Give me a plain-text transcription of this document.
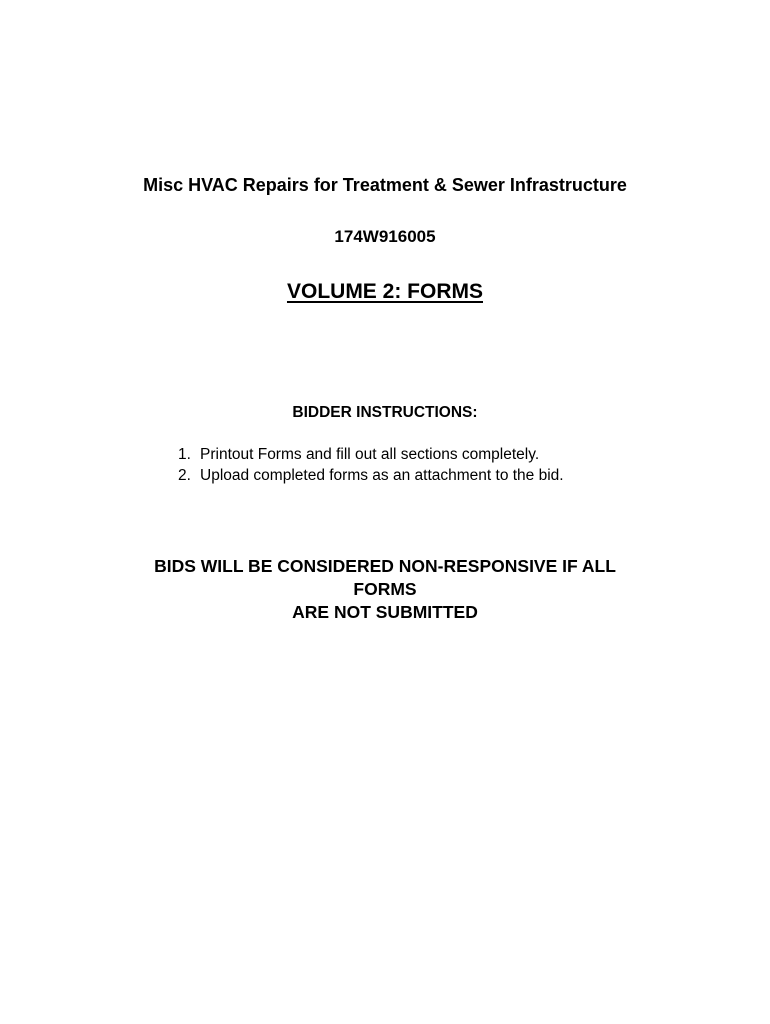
Misc HVAC Repairs for Treatment & Sewer Infrastructure
174W916005
VOLUME 2: FORMS
BIDDER INSTRUCTIONS:
1. Printout Forms and fill out all sections completely.
2. Upload completed forms as an attachment to the bid.
BIDS WILL BE CONSIDERED NON-RESPONSIVE IF ALL
FORMS
ARE NOT SUBMITTED
